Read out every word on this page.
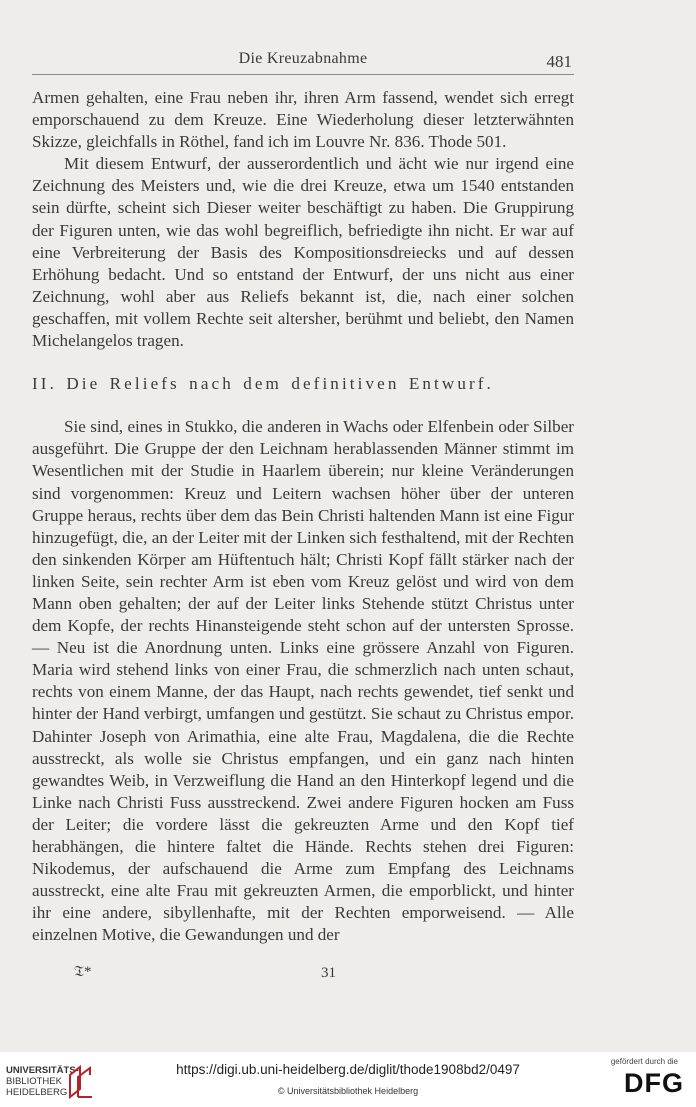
Die Kreuzabnahme	481

Armen gehalten, eine Frau neben ihr, ihren Arm fassend, wendet sich erregt emporschauend zu dem Kreuze. Eine Wiederholung dieser letzterwähnten Skizze, gleichfalls in Röthel, fand ich im Louvre Nr. 836. Thode 501.

Mit diesem Entwurf, der ausserordentlich und ächt wie nur irgend eine Zeichnung des Meisters und, wie die drei Kreuze, etwa um 1540 entstanden sein dürfte, scheint sich Dieser weiter beschäftigt zu haben. Die Gruppirung der Figuren unten, wie das wohl begreiflich, befriedigte ihn nicht. Er war auf eine Verbreiterung der Basis des Kompositionsdreiecks und auf dessen Erhöhung bedacht. Und so entstand der Entwurf, der uns nicht aus einer Zeichnung, wohl aber aus Reliefs bekannt ist, die, nach einer solchen geschaffen, mit vollem Rechte seit altersher, berühmt und beliebt, den Namen Michelangelos tragen.

II. Die Reliefs nach dem definitiven Entwurf.

Sie sind, eines in Stukko, die anderen in Wachs oder Elfenbein oder Silber ausgeführt. Die Gruppe der den Leichnam herablassenden Männer stimmt im Wesentlichen mit der Studie in Haarlem überein; nur kleine Veränderungen sind vorgenommen: Kreuz und Leitern wachsen höher über der unteren Gruppe heraus, rechts über dem das Bein Christi haltenden Mann ist eine Figur hinzugefügt, die, an der Leiter mit der Linken sich festhaltend, mit der Rechten den sinkenden Körper am Hüftentuch hält; Christi Kopf fällt stärker nach der linken Seite, sein rechter Arm ist eben vom Kreuz gelöst und wird von dem Mann oben gehalten; der auf der Leiter links Stehende stützt Christus unter dem Kopfe, der rechts Hinansteigende steht schon auf der untersten Sprosse. — Neu ist die Anordnung unten. Links eine grössere Anzahl von Figuren. Maria wird stehend links von einer Frau, die schmerzlich nach unten schaut, rechts von einem Manne, der das Haupt, nach rechts gewendet, tief senkt und hinter der Hand verbirgt, umfangen und gestützt. Sie schaut zu Christus empor. Dahinter Joseph von Arimathia, eine alte Frau, Magdalena, die die Rechte ausstreckt, als wolle sie Christus empfangen, und ein ganz nach hinten gewandtes Weib, in Verzweiflung die Hand an den Hinterkopf legend und die Linke nach Christi Fuss ausstreckend. Zwei andere Figuren hocken am Fuss der Leiter; die vordere lässt die gekreuzten Arme und den Kopf tief herabhängen, die hintere faltet die Hände. Rechts stehen drei Figuren: Nikodemus, der aufschauend die Arme zum Empfang des Leichnams ausstreckt, eine alte Frau mit gekreuzten Armen, die emporblickt, und hinter ihr eine andere, sibyllenhafte, mit der Rechten emporweisend. — Alle einzelnen Motive, die Gewandungen und der

𝔗*	31
UNIVERSITÄTS-
BIBLIOTHEK
HEIDELBERG
https://digi.ub.uni-heidelberg.de/diglit/thode1908bd2/0497
© Universitätsbibliothek Heidelberg
gefördert durch die
DFG
